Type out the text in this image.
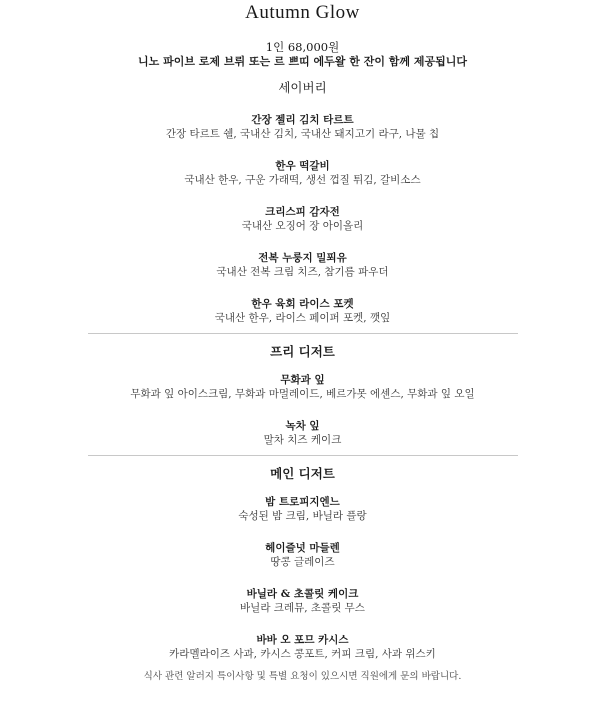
Autumn Glow
1인 68,000원
니노 파이브 로제 브뤼 또는 르 쁘띠 에두왈 한 잔이 함께 제공됩니다
세이버리
간장 젤리 김치 타르트
간장 타르트 쉘, 국내산 김치, 국내산 돼지고기 라구, 나물 칩
한우 떡갈비
국내산 한우, 구운 가래떡, 생선 껍질 튀김, 갈비소스
크리스피 감자전
국내산 오징어 장 아이올리
전복 누룽지 밀푀유
국내산 전복 크림 치즈, 참기름 파우더
한우 육회 라이스 포켓
국내산 한우, 라이스 페이퍼 포켓, 깻잎
프리 디저트
무화과 잎
무화과 잎 아이스크림, 무화과 마멀레이드, 베르가못 에센스, 무화과 잎 오일
녹차 잎
말차 치즈 케이크
메인 디저트
밤 트로피지엔느
숙성된 밤 크림, 바닐라 플랑
헤이즐넛 마들렌
땅콩 글레이즈
바닐라 & 초콜릿 케이크
바닐라 크레뮤, 초콜릿 무스
바바 오 포므 카시스
카라멜라이즈 사과, 카시스 콩포트, 커피 크림, 사과 위스키
식사 관련 알러지 특이사항 및 특별 요청이 있으시면 직원에게 문의 바랍니다.
